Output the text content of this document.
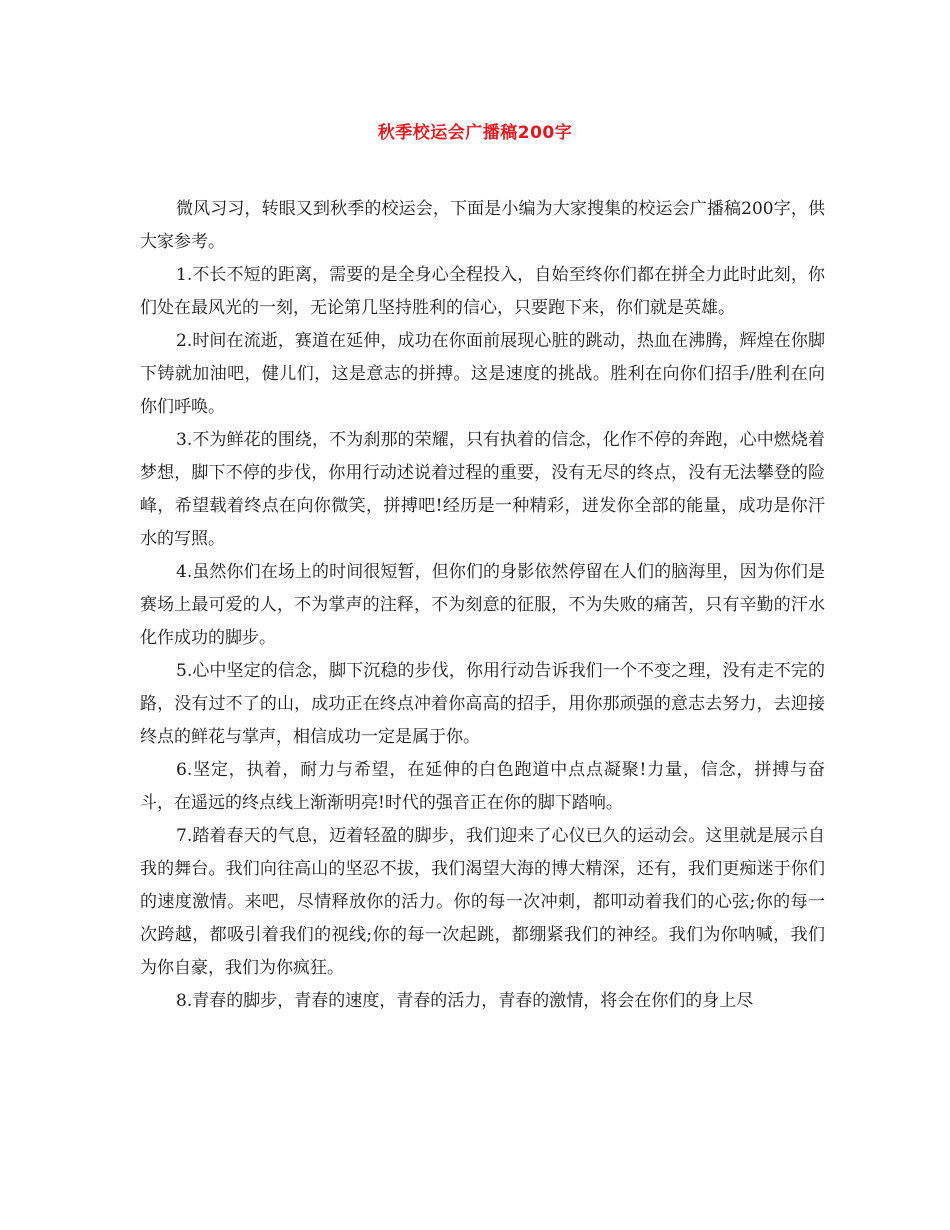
秋季校运会广播稿200字

微风习习，转眼又到秋季的校运会，下面是小编为大家搜集的校运会广播稿200字，供大家参考。

1.不长不短的距离，需要的是全身心全程投入，自始至终你们都在拼全力此时此刻，你们处在最风光的一刻，无论第几坚持胜利的信心，只要跑下来，你们就是英雄。

2.时间在流逝，赛道在延伸，成功在你面前展现心脏的跳动，热血在沸腾，辉煌在你脚下铸就加油吧，健儿们，这是意志的拼搏。这是速度的挑战。胜利在向你们招手/胜利在向你们呼唤。

3.不为鲜花的围绕，不为刹那的荣耀，只有执着的信念，化作不停的奔跑，心中燃烧着梦想，脚下不停的步伐，你用行动述说着过程的重要，没有无尽的终点，没有无法攀登的险峰，希望载着终点在向你微笑，拼搏吧!经历是一种精彩，迸发你全部的能量，成功是你汗水的写照。

4.虽然你们在场上的时间很短暂，但你们的身影依然停留在人们的脑海里，因为你们是赛场上最可爱的人，不为掌声的注释，不为刻意的征服，不为失败的痛苦，只有辛勤的汗水化作成功的脚步。

5.心中坚定的信念，脚下沉稳的步伐，你用行动告诉我们一个不变之理，没有走不完的路，没有过不了的山，成功正在终点冲着你高高的招手，用你那顽强的意志去努力，去迎接终点的鲜花与掌声，相信成功一定是属于你。

6.坚定，执着，耐力与希望，在延伸的白色跑道中点点凝聚!力量，信念，拼搏与奋斗，在遥远的终点线上渐渐明亮!时代的强音正在你的脚下踏响。

7.踏着春天的气息，迈着轻盈的脚步，我们迎来了心仪已久的运动会。这里就是展示自我的舞台。我们向往高山的坚忍不拔，我们渴望大海的博大精深，还有，我们更痴迷于你们的速度激情。来吧，尽情释放你的活力。你的每一次冲刺，都叩动着我们的心弦;你的每一次跨越，都吸引着我们的视线;你的每一次起跳，都绷紧我们的神经。我们为你呐喊，我们为你自豪，我们为你疯狂。

8.青春的脚步，青春的速度，青春的活力，青春的激情，将会在你们的身上尽
